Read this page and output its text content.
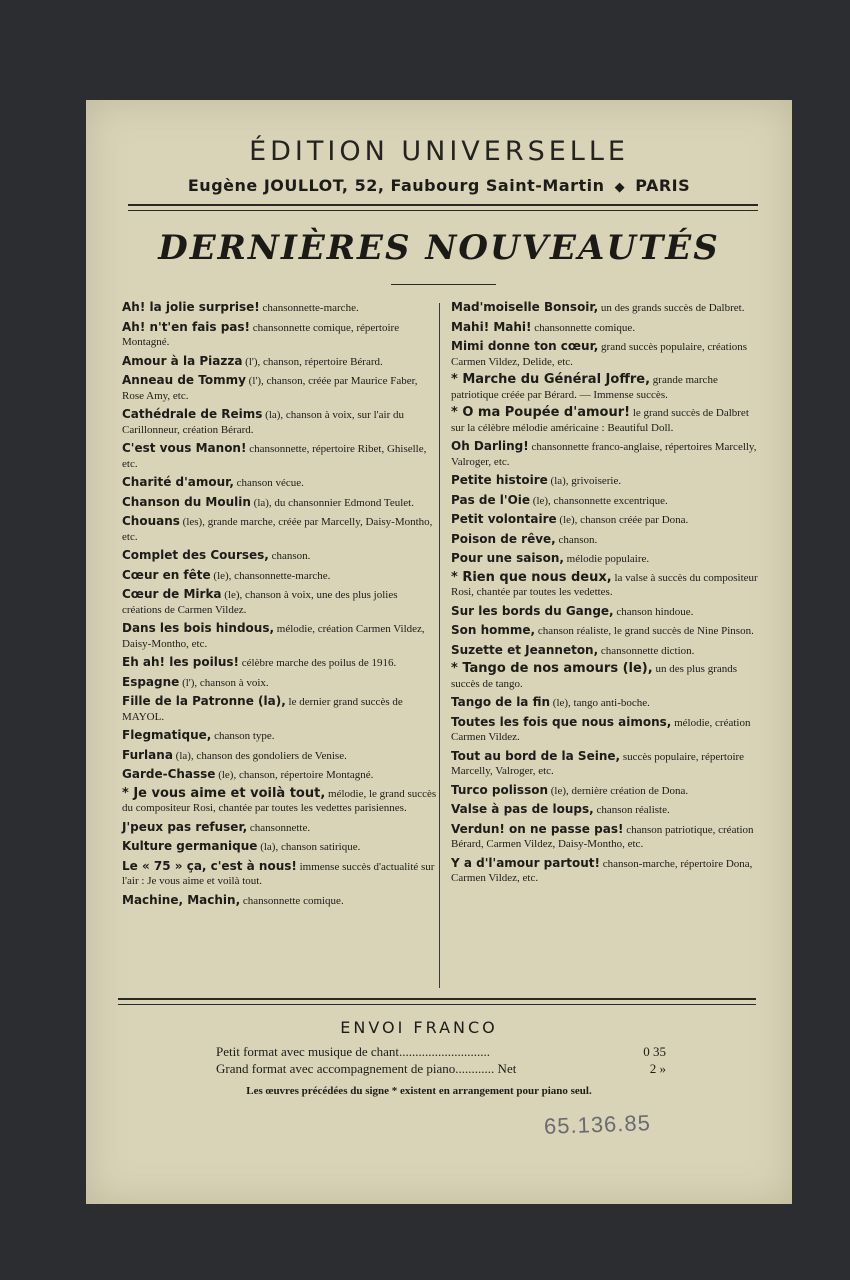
ÉDITION UNIVERSELLE
Eugène JOULLOT, 52, Faubourg Saint-Martin ◆ PARIS
DERNIÈRES NOUVEAUTÉS
Ah! la jolie surprise! chansonnette-marche.
Ah! n't'en fais pas! chansonnette comique, répertoire Montagné.
Amour à la Piazza (l'), chanson, répertoire Bérard.
Anneau de Tommy (l'), chanson, créée par Maurice Faber, Rose Amy, etc.
Cathédrale de Reims (la), chanson à voix, sur l'air du Carillonneur, création Bérard.
C'est vous Manon! chansonnette, répertoire Ribet, Ghiselle, etc.
Charité d'amour, chanson vécue.
Chanson du Moulin (la), du chansonnier Edmond Teulet.
Chouans (les), grande marche, créée par Marcelly, Daisy-Montho, etc.
Complet des Courses, chanson.
Cœur en fête (le), chansonnette-marche.
Cœur de Mirka (le), chanson à voix, une des plus jolies créations de Carmen Vildez.
Dans les bois hindous, mélodie, création Carmen Vildez, Daisy-Montho, etc.
Eh ah! les poilus! célèbre marche des poilus de 1916.
Espagne (l'), chanson à voix.
Fille de la Patronne (la), le dernier grand succès de MAYOL.
Flegmatique, chanson type.
Furlana (la), chanson des gondoliers de Venise.
Garde-Chasse (le), chanson, répertoire Montagné.
* Je vous aime et voilà tout, mélodie, le grand succès du compositeur Rosi, chantée par toutes les vedettes parisiennes.
J'peux pas refuser, chansonnette.
Kulture germanique (la), chanson satirique.
Le « 75 » ça, c'est à nous! immense succès d'actualité sur l'air : Je vous aime et voilà tout.
Machine, Machin, chansonnette comique.
Mad'moiselle Bonsoir, un des grands succès de Dalbret.
Mahi! Mahi! chansonnette comique.
Mimi donne ton cœur, grand succès populaire, créations Carmen Vildez, Delide, etc.
* Marche du Général Joffre, grande marche patriotique créée par Bérard. — Immense succès.
* O ma Poupée d'amour! le grand succès de Dalbret sur la célèbre mélodie américaine : Beautiful Doll.
Oh Darling! chansonnette franco-anglaise, répertoires Marcelly, Valroger, etc.
Petite histoire (la), grivoiserie.
Pas de l'Oie (le), chansonnette excentrique.
Petit volontaire (le), chanson créée par Dona.
Poison de rêve, chanson.
Pour une saison, mélodie populaire.
* Rien que nous deux, la valse à succès du compositeur Rosi, chantée par toutes les vedettes.
Sur les bords du Gange, chanson hindoue.
Son homme, chanson réaliste, le grand succès de Nine Pinson.
Suzette et Jeanneton, chansonnette diction.
* Tango de nos amours (le), un des plus grands succès de tango.
Tango de la fin (le), tango anti-boche.
Toutes les fois que nous aimons, mélodie, création Carmen Vildez.
Tout au bord de la Seine, succès populaire, répertoire Marcelly, Valroger, etc.
Turco polisson (le), dernière création de Dona.
Valse à pas de loups, chanson réaliste.
Verdun! on ne passe pas! chanson patriotique, création Bérard, Carmen Vildez, Daisy-Montho, etc.
Y a d'l'amour partout! chanson-marche, répertoire Dona, Carmen Vildez, etc.
ENVOI FRANCO
Petit format avec musique de chant............................	0 35
Grand format avec accompagnement de piano............ Net	2 »
Les œuvres précédées du signe * existent en arrangement pour piano seul.
65.136.85
